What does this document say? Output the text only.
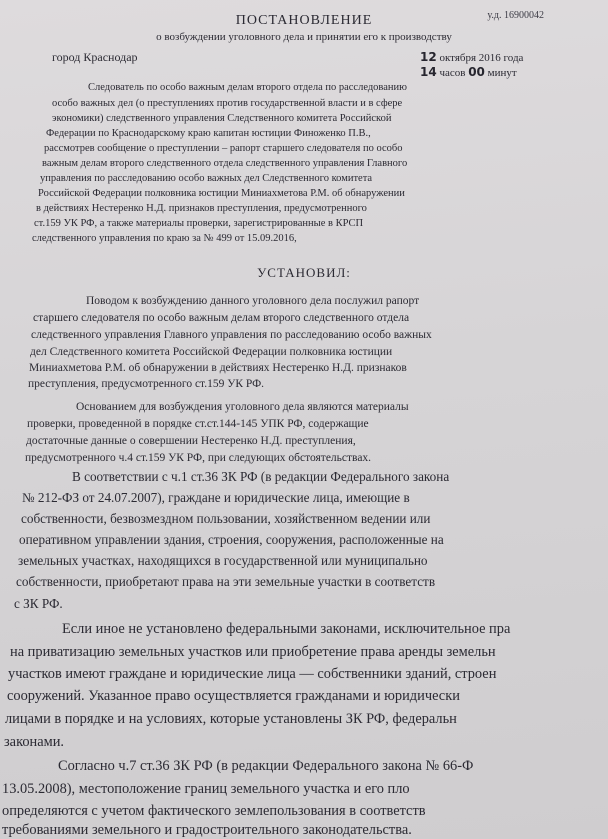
у.д. 16900042
ПОСТАНОВЛЕНИЕ
о возбуждении уголовного дела и принятии его к производству
город Краснодар	12 октября 2016 года
14 часов 00 минут
Следователь по особо важным делам второго отдела по расследованию
особо важных дел (о преступлениях против государственной власти и в сфере
экономики) следственного управления Следственного комитета Российской
Федерации по Краснодарскому краю капитан юстиции Финоженко П.В.,
рассмотрев сообщение о преступлении – рапорт старшего следователя по особо
важным делам второго следственного отдела следственного управления Главного
управления по расследованию особо важных дел Следственного комитета
Российской Федерации полковника юстиции Миниахметова Р.М. об обнаружении
в действиях Нестеренко Н.Д. признаков преступления, предусмотренного
ст.159 УК РФ, а также материалы проверки, зарегистрированные в КРСП
следственного управления по краю за № 499 от 15.09.2016,
УСТАНОВИЛ:
Поводом к возбуждению данного уголовного дела послужил рапорт
старшего следователя по особо важным делам второго следственного отдела
следственного управления Главного управления по расследованию особо важных
дел Следственного комитета Российской Федерации полковника юстиции
Миниахметова Р.М. об обнаружении в действиях Нестеренко Н.Д. признаков
преступления, предусмотренного ст.159 УК РФ.
Основанием для возбуждения уголовного дела являются материалы
проверки, проведенной в порядке ст.ст.144-145 УПК РФ, содержащие
достаточные данные о совершении Нестеренко Н.Д. преступления,
предусмотренного ч.4 ст.159 УК РФ, при следующих обстоятельствах.
В соответствии с ч.1 ст.36 ЗК РФ (в редакции Федерального закона
№ 212-ФЗ от 24.07.2007), граждане и юридические лица, имеющие в
собственности, безвозмездном пользовании, хозяйственном ведении или
оперативном управлении здания, строения, сооружения, расположенные на
земельных участках, находящихся в государственной или муниципально
собственности, приобретают права на эти земельные участки в соответств
с ЗК РФ.
Если иное не установлено федеральными законами, исключительное пра
на приватизацию земельных участков или приобретение права аренды земельн
участков имеют граждане и юридические лица — собственники зданий, строен
сооружений. Указанное право осуществляется гражданами и юридически
лицами в порядке и на условиях, которые установлены ЗК РФ, федеральн
законами.
Согласно ч.7 ст.36 ЗК РФ (в редакции Федерального закона № 66-Ф
13.05.2008), местоположение границ земельного участка и его пло
определяются с учетом фактического землепользования в соответств
требованиями земельного и градостроительного законодательства.
